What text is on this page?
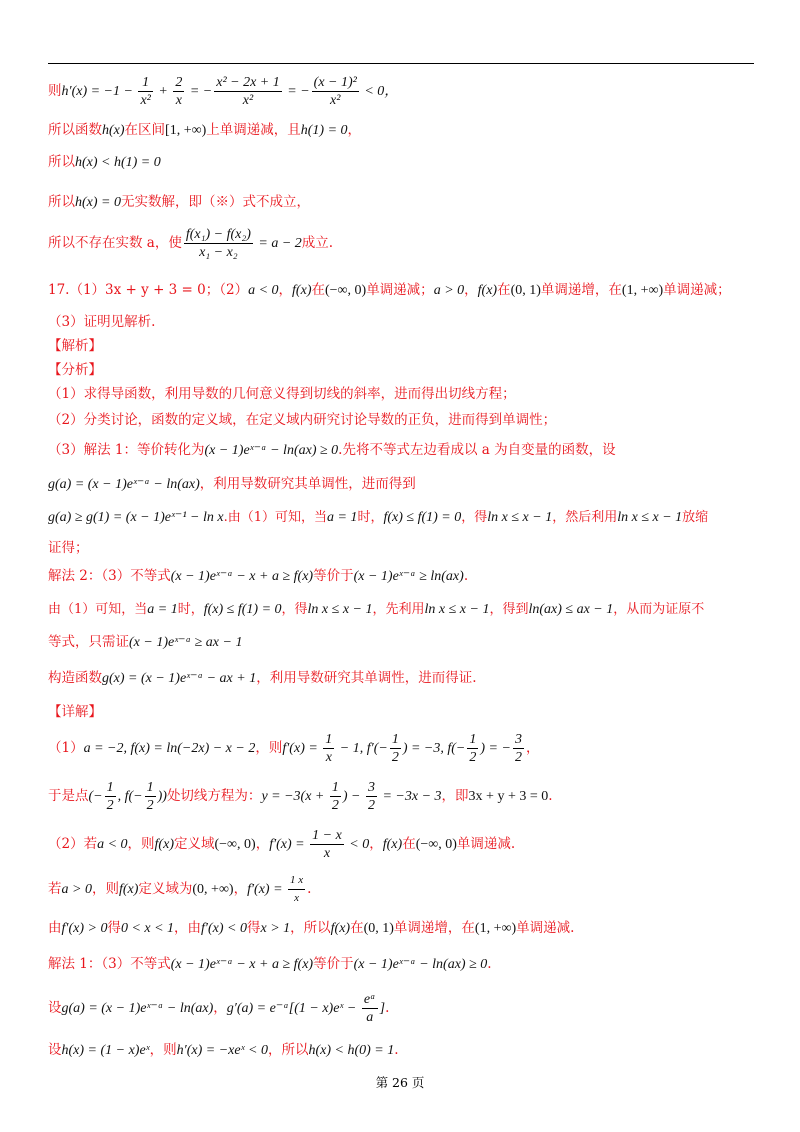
则$h'(x) = -1 - \frac{1}{\text{x²}} + \frac{2}{x}$ = − $\frac{\text{x² − 2x + 1}}{\text{x²}}$ = − $\frac{\text{(x − 1)²}}{\text{x²}} < 0$，
所以函数h(x)在区间[1, +∞)上单调递减，且h(1) = 0，
所以h(x) < h(1) = 0
所以h(x) = 0无实数解，即（※）式不成立，
所以不存在实数 a，使 $\frac{\text{f(x₁) − f(x₂)}}{\text{x₁ − x₂}} = a - 2$成立.
17.（1）3x + y + 3 = 0；（2）a < 0，f(x)在(−∞, 0)单调递减；a > 0，f(x)在(0, 1)单调递增，在(1, +∞)单调递减；
（3）证明见解析.
【解析】
【分析】
（1）求得导函数，利用导数的几何意义得到切线的斜率，进而得出切线方程；
（2）分类讨论，函数的定义域，在定义域内研究讨论导数的正负，进而得到单调性；
（3）解法 1：等价转化为(x − 1)eˣ⁻ᵃ − ln(ax) ≥ 0.先将不等式左边看成以 a 为自变量的函数，设
g(a) = (x − 1)eˣ⁻ᵃ − ln(ax)，利用导数研究其单调性，进而得到
g(a) ≥ g(1) = (x − 1)eˣ⁻¹ − ln x.由（1）可知，当a = 1时，f(x) ≤ f(1) = 0，得ln x ≤ x − 1，然后利用ln x ≤ x − 1放缩
证得；
解法 2：（3）不等式(x − 1)eˣ⁻ᵃ − x + a ≥ f(x)等价于(x − 1)eˣ⁻ᵃ ≥ ln(ax).
由（1）可知，当a = 1时，f(x) ≤ f(1) = 0，得ln x ≤ x − 1，先利用ln x ≤ x − 1，得到ln(ax) ≤ ax − 1，从而为证原不
等式，只需证(x − 1)eˣ⁻ᵃ ≥ ax − 1
构造函数g(x) = (x − 1)eˣ⁻ᵃ − ax + 1，利用导数研究其单调性，进而得证.
【详解】
（1）a = −2, f(x) = ln(−2x) − x − 2，则$f'(x) = \frac{1}{x} - 1$, $f'(- \frac{1}{2}$ ) = −3, $f(- \frac{1}{2}$ ) = − $\frac{3}{2}$ ，
于是点(− $\frac{1}{2}$ , $f(- \frac{1}{2}$ ))处切线方程为：$y = -3(x + \frac{1}{2}$ ) − $\frac{3}{2} = -3x - 3$，即3x + y + 3 = 0.
（2）若a < 0，则f(x)定义域(−∞, 0)，$f'(x) = \frac{1 - x}{x} < 0$，f(x)在(−∞, 0)单调递减.
若a > 0，则f(x)定义域为(0, +∞)，$f'(x) = \frac{1 x}{x}$ .
由f′(x) > 0得0 < x < 1，由f′(x) < 0得x > 1，所以f(x)在(0, 1)单调递增，在(1, +∞)单调递减.
解法 1：（3）不等式(x − 1)eˣ⁻ᵃ − x + a ≥ f(x)等价于(x − 1)eˣ⁻ᵃ − ln(ax) ≥ 0.
设g(a) = (x − 1)eˣ⁻ᵃ − ln(ax)，g′(a) = e⁻ᵃ[(1 − x)eˣ − $\frac{\text{eᵃ}}{a}$ ].
设h(x) = (1 − x)eˣ，则h′(x) = −xeˣ < 0，所以h(x) < h(0) = 1.
第 26 页
